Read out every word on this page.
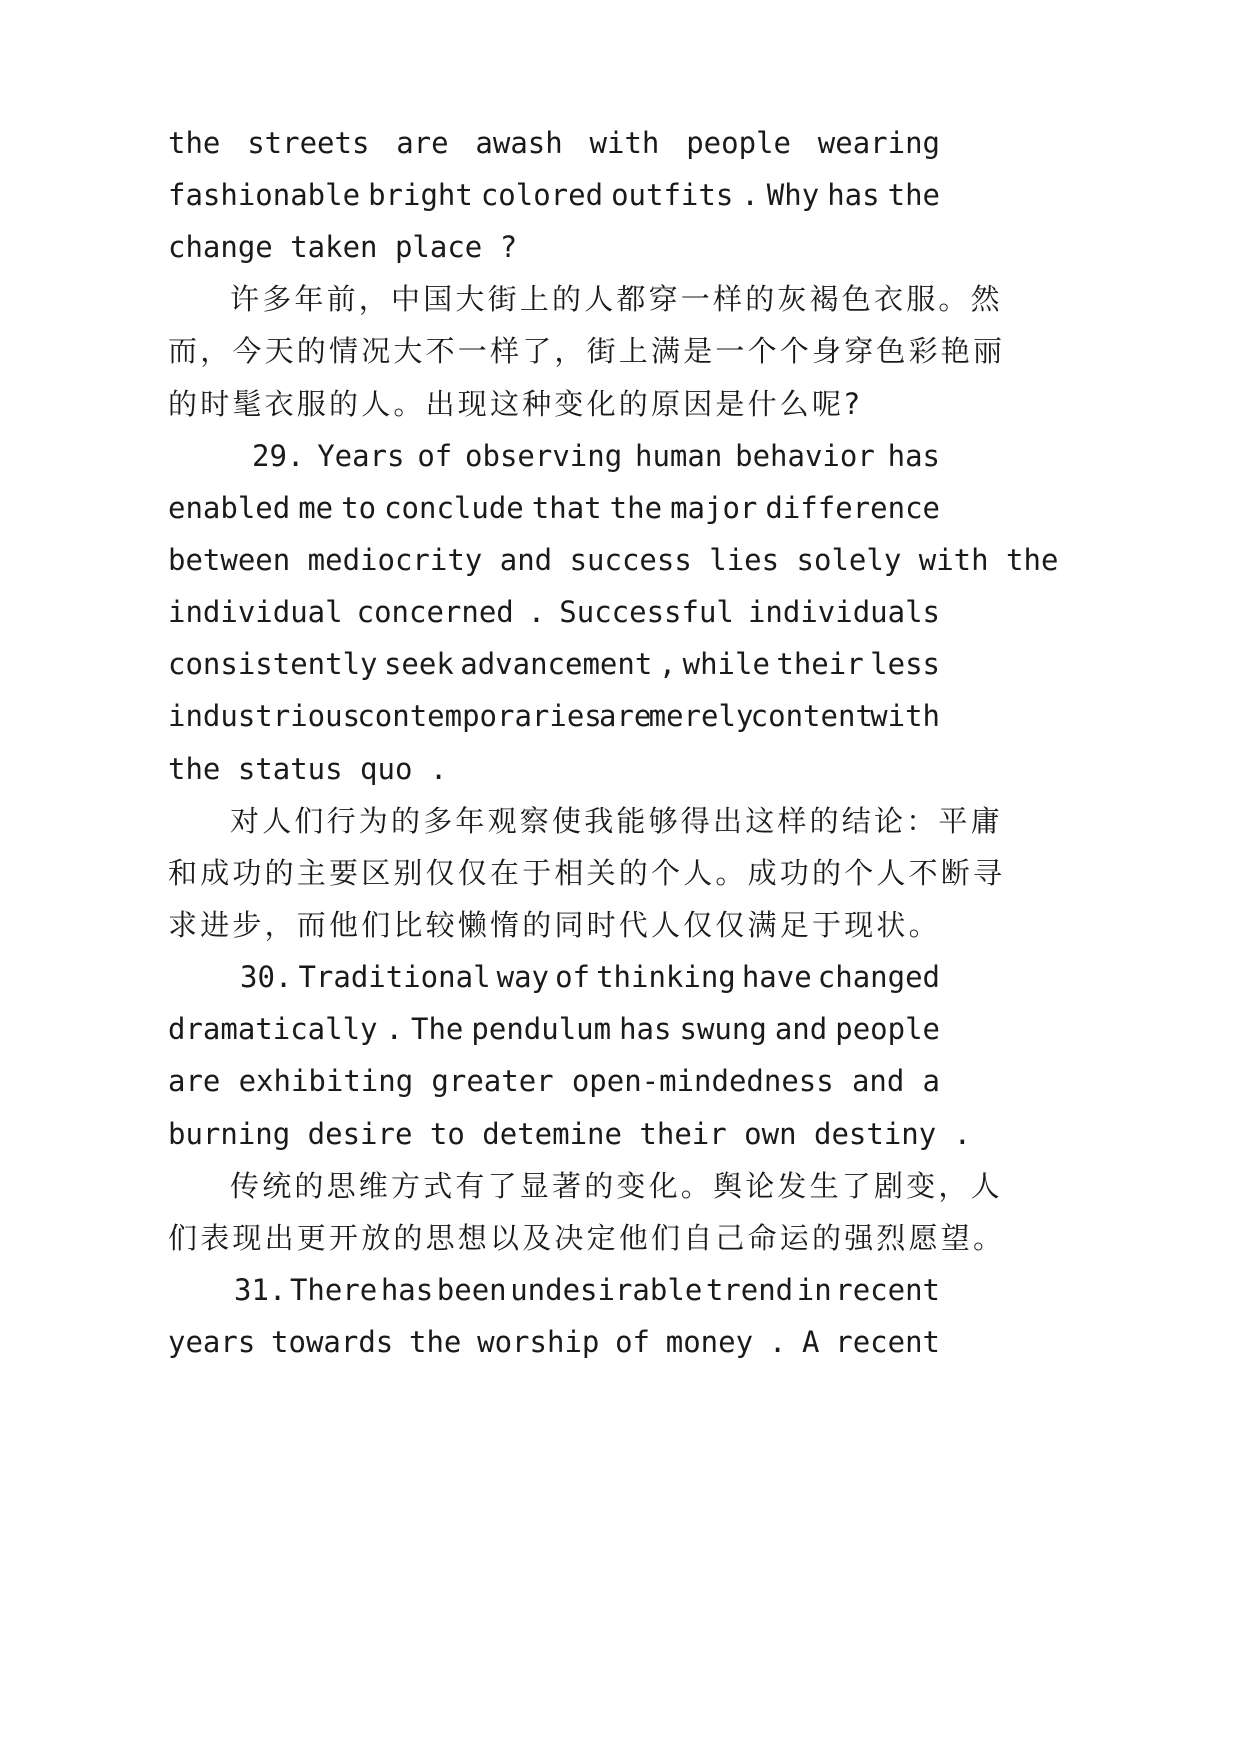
the streets are awash with people wearing
fashionable bright colored outfits . Why has the
change taken place ?
许多年前，中国大街上的人都穿一样的灰褐色衣服。然
而，今天的情况大不一样了，街上满是一个个身穿色彩艳丽
的时髦衣服的人。出现这种变化的原因是什么呢?
29. Years of observing human behavior has
enabled me to conclude that the major difference
between mediocrity and success lies solely with the
individual concerned . Successful individuals
consistently seek advancement , while their less
industrious
contemporaries
are
merely
content
with
the status quo .
对人们行为的多年观察使我能够得出这样的结论：平庸
和成功的主要区别仅仅在于相关的个人。成功的个人不断寻
求进步，而他们比较懒惰的同时代人仅仅满足于现状。
30. Traditional way of thinking have changed
dramatically . The pendulum has swung and people
are exhibiting greater open-mindedness and a
burning desire to detemine their own destiny .
传统的思维方式有了显著的变化。舆论发生了剧变，人
们表现出更开放的思想以及决定他们自己命运的强烈愿望。
31. There has been undesirable trend in recent
years towards the worship of money . A recent
